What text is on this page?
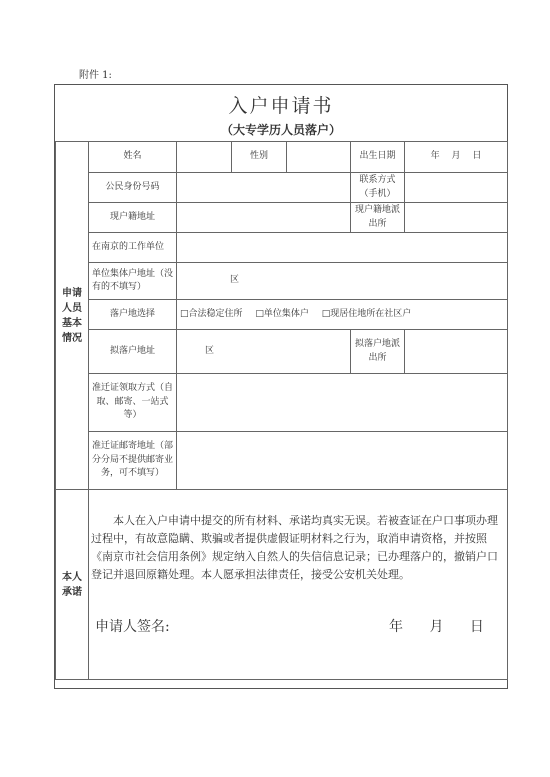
附件 1:
入户申请书
（大专学历人员落户）
申请人员基本情况	姓名		性别		出生日期	年　 月　 日
	公民身份号码				联系方式（手机）	
	现户籍地址				现户籍地派出所	
	在南京的工作单位					
	单位集体户地址（没有的不填写）	区				
	落户地选择	□合法稳定住所 □单位集体户 □现居住地所在社区户				
	拟落户地址	区			拟落户地派出所	
	准迁证领取方式（自取、邮寄、一站式等）					
	准迁证邮寄地址（部分分局不提供邮寄业务，可不填写）					
本人承诺	本人在入户申请中提交的所有材料、承诺均真实无误。若被查证在户口事项办理过程中，有故意隐瞒、欺骗或者提供虚假证明材料之行为，取消申请资格，并按照《南京市社会信用条例》规定纳入自然人的失信信息记录；已办理落户的，撤销户口登记并退回原籍处理。本人愿承担法律责任，接受公安机关处理。
申请人签名: 年 月 日					
